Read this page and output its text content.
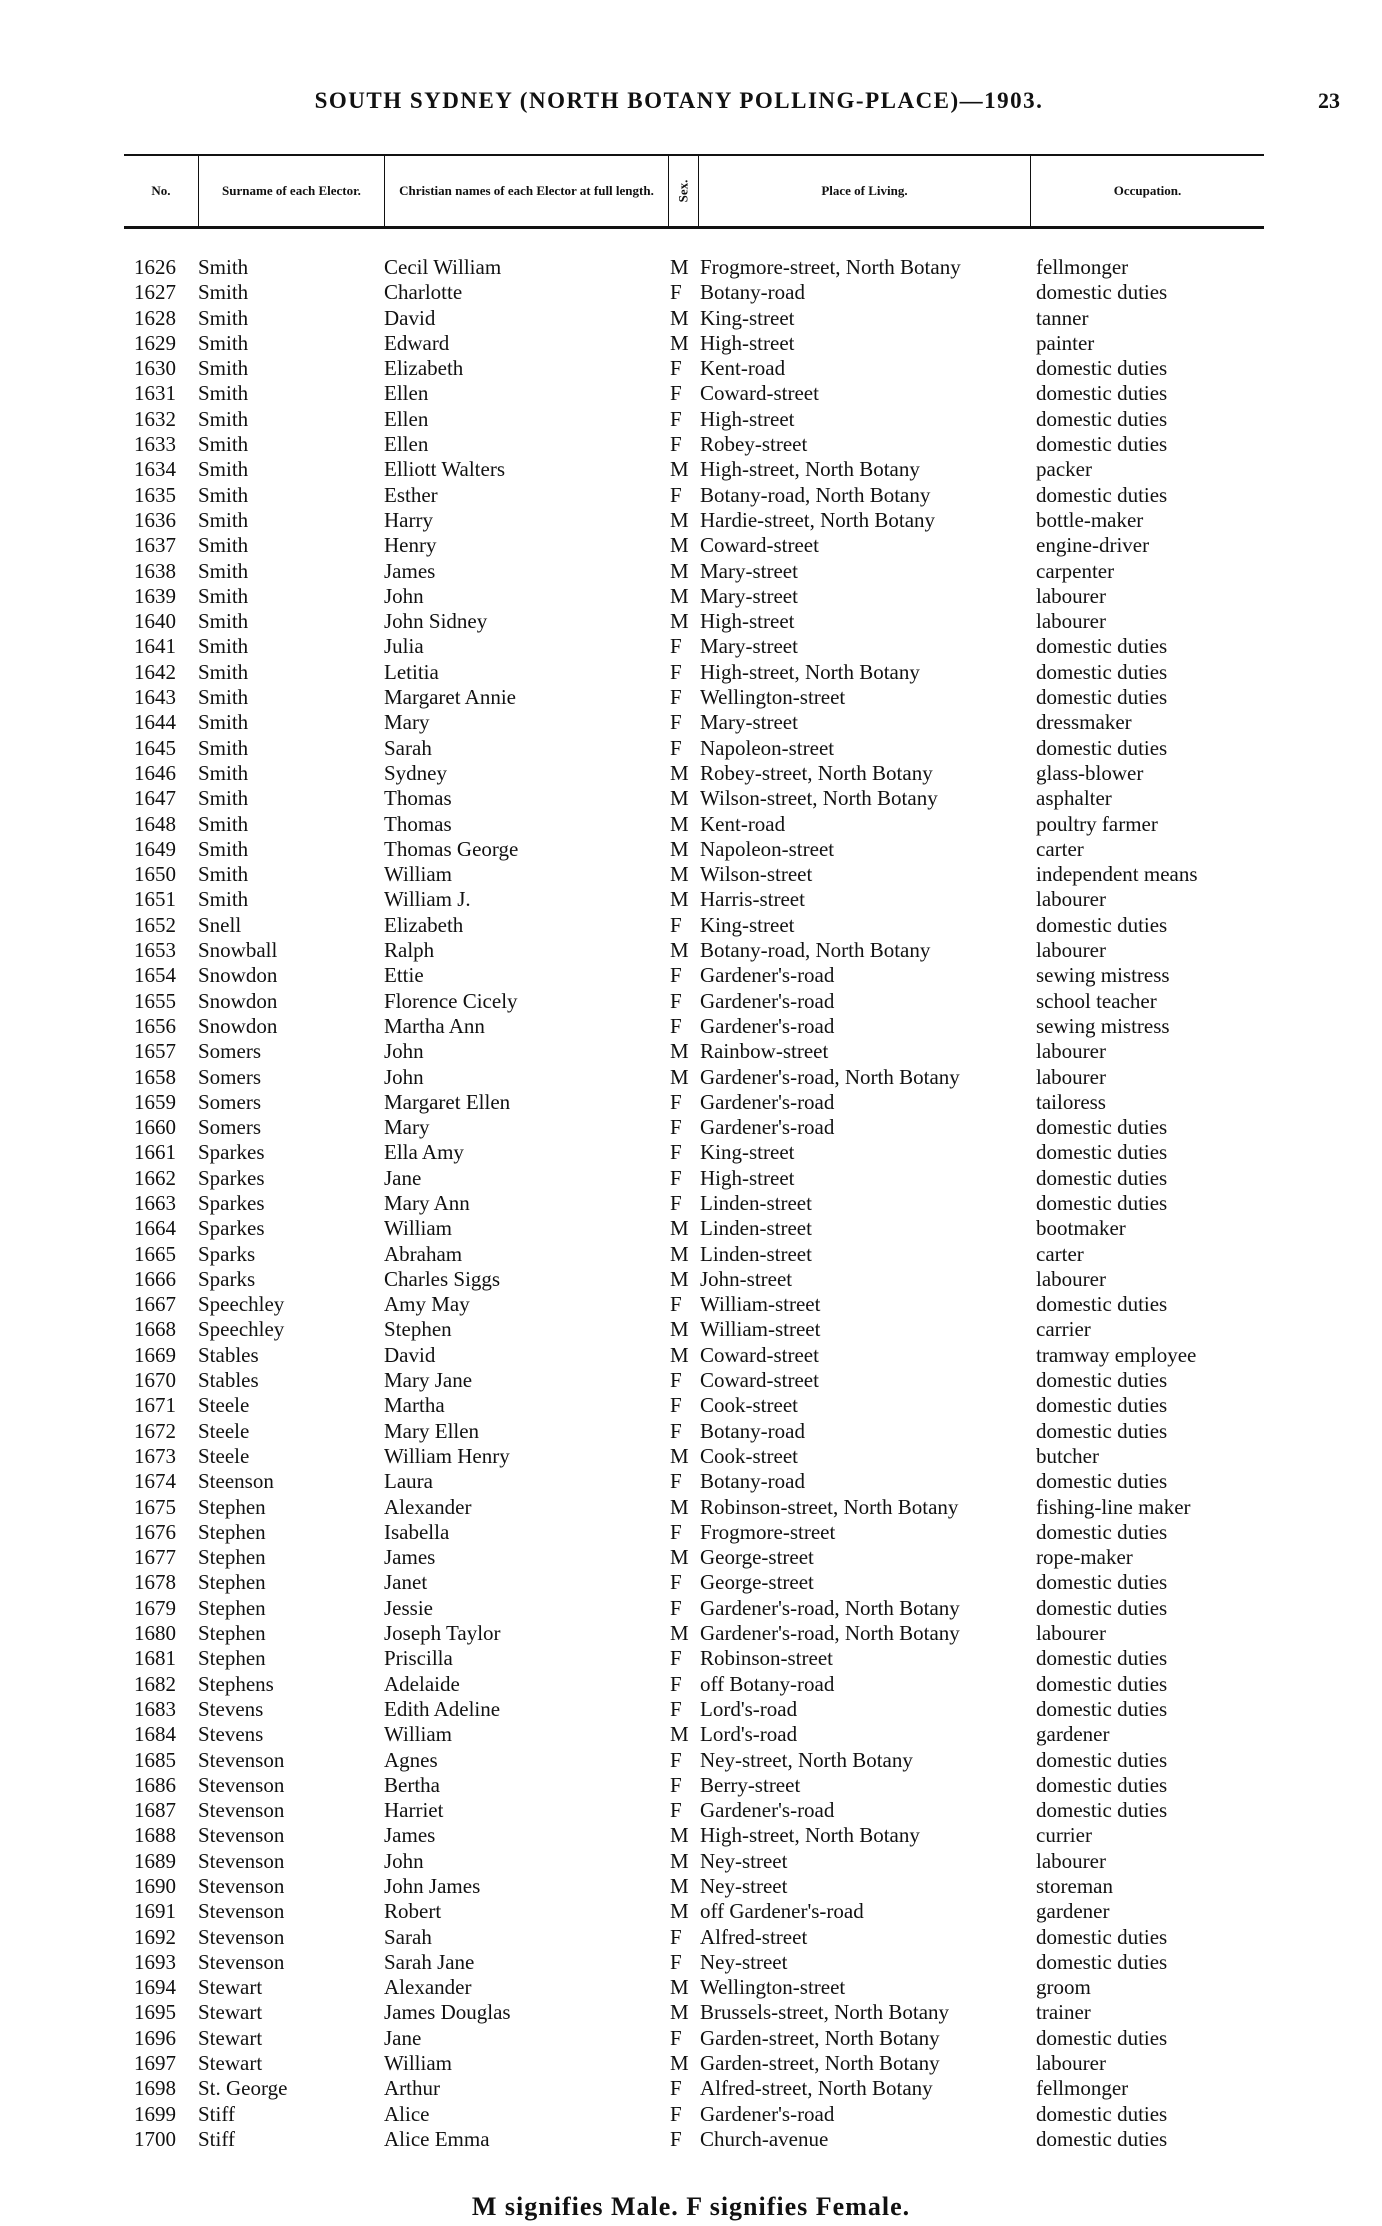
SOUTH SYDNEY (NORTH BOTANY POLLING-PLACE)—1903.	23
No.	Surname of each Elector.	Christian names of each Elector at full length.	Sex.	Place of Living.	Occupation.
1626 Smith	Cecil William	M Frogmore-street, North Botany	fellmonger
1627 Smith	Charlotte	F Botany-road	domestic duties
1628 Smith	David	M King-street	tanner
1629 Smith	Edward	M High-street	painter
1630 Smith	Elizabeth	F Kent-road	domestic duties
1631 Smith	Ellen	F Coward-street	domestic duties
1632 Smith	Ellen	F High-street	domestic duties
1633 Smith	Ellen	F Robey-street	domestic duties
1634 Smith	Elliott Walters	M High-street, North Botany	packer
1635 Smith	Esther	F Botany-road, North Botany	domestic duties
1636 Smith	Harry	M Hardie-street, North Botany	bottle-maker
1637 Smith	Henry	M Coward-street	engine-driver
1638 Smith	James	M Mary-street	carpenter
1639 Smith	John	M Mary-street	labourer
1640 Smith	John Sidney	M High-street	labourer
1641 Smith	Julia	F Mary-street	domestic duties
1642 Smith	Letitia	F High-street, North Botany	domestic duties
1643 Smith	Margaret Annie	F Wellington-street	domestic duties
1644 Smith	Mary	F Mary-street	dressmaker
1645 Smith	Sarah	F Napoleon-street	domestic duties
1646 Smith	Sydney	M Robey-street, North Botany	glass-blower
1647 Smith	Thomas	M Wilson-street, North Botany	asphalter
1648 Smith	Thomas	M Kent-road	poultry farmer
1649 Smith	Thomas George	M Napoleon-street	carter
1650 Smith	William	M Wilson-street	independent means
1651 Smith	William J.	M Harris-street	labourer
1652 Snell	Elizabeth	F King-street	domestic duties
1653 Snowball	Ralph	M Botany-road, North Botany	labourer
1654 Snowdon	Ettie	F Gardener's-road	sewing mistress
1655 Snowdon	Florence Cicely	F Gardener's-road	school teacher
1656 Snowdon	Martha Ann	F Gardener's-road	sewing mistress
1657 Somers	John	M Rainbow-street	labourer
1658 Somers	John	M Gardener's-road, North Botany	labourer
1659 Somers	Margaret Ellen	F Gardener's-road	tailoress
1660 Somers	Mary	F Gardener's-road	domestic duties
1661 Sparkes	Ella Amy	F King-street	domestic duties
1662 Sparkes	Jane	F High-street	domestic duties
1663 Sparkes	Mary Ann	F Linden-street	domestic duties
1664 Sparkes	William	M Linden-street	bootmaker
1665 Sparks	Abraham	M Linden-street	carter
1666 Sparks	Charles Siggs	M John-street	labourer
1667 Speechley	Amy May	F William-street	domestic duties
1668 Speechley	Stephen	M William-street	carrier
1669 Stables	David	M Coward-street	tramway employee
1670 Stables	Mary Jane	F Coward-street	domestic duties
1671 Steele	Martha	F Cook-street	domestic duties
1672 Steele	Mary Ellen	F Botany-road	domestic duties
1673 Steele	William Henry	M Cook-street	butcher
1674 Steenson	Laura	F Botany-road	domestic duties
1675 Stephen	Alexander	M Robinson-street, North Botany	fishing-line maker
1676 Stephen	Isabella	F Frogmore-street	domestic duties
1677 Stephen	James	M George-street	rope-maker
1678 Stephen	Janet	F George-street	domestic duties
1679 Stephen	Jessie	F Gardener's-road, North Botany	domestic duties
1680 Stephen	Joseph Taylor	M Gardener's-road, North Botany	labourer
1681 Stephen	Priscilla	F Robinson-street	domestic duties
1682 Stephens	Adelaide	F off Botany-road	domestic duties
1683 Stevens	Edith Adeline	F Lord's-road	domestic duties
1684 Stevens	William	M Lord's-road	gardener
1685 Stevenson	Agnes	F Ney-street, North Botany	domestic duties
1686 Stevenson	Bertha	F Berry-street	domestic duties
1687 Stevenson	Harriet	F Gardener's-road	domestic duties
1688 Stevenson	James	M High-street, North Botany	currier
1689 Stevenson	John	M Ney-street	labourer
1690 Stevenson	John James	M Ney-street	storeman
1691 Stevenson	Robert	M off Gardener's-road	gardener
1692 Stevenson	Sarah	F Alfred-street	domestic duties
1693 Stevenson	Sarah Jane	F Ney-street	domestic duties
1694 Stewart	Alexander	M Wellington-street	groom
1695 Stewart	James Douglas	M Brussels-street, North Botany	trainer
1696 Stewart	Jane	F Garden-street, North Botany	domestic duties
1697 Stewart	William	M Garden-street, North Botany	labourer
1698 St. George	Arthur	F Alfred-street, North Botany	fellmonger
1699 Stiff	Alice	F Gardener's-road	domestic duties
1700 Stiff	Alice Emma	F Church-avenue	domestic duties
M signifies Male. F signifies Female.
